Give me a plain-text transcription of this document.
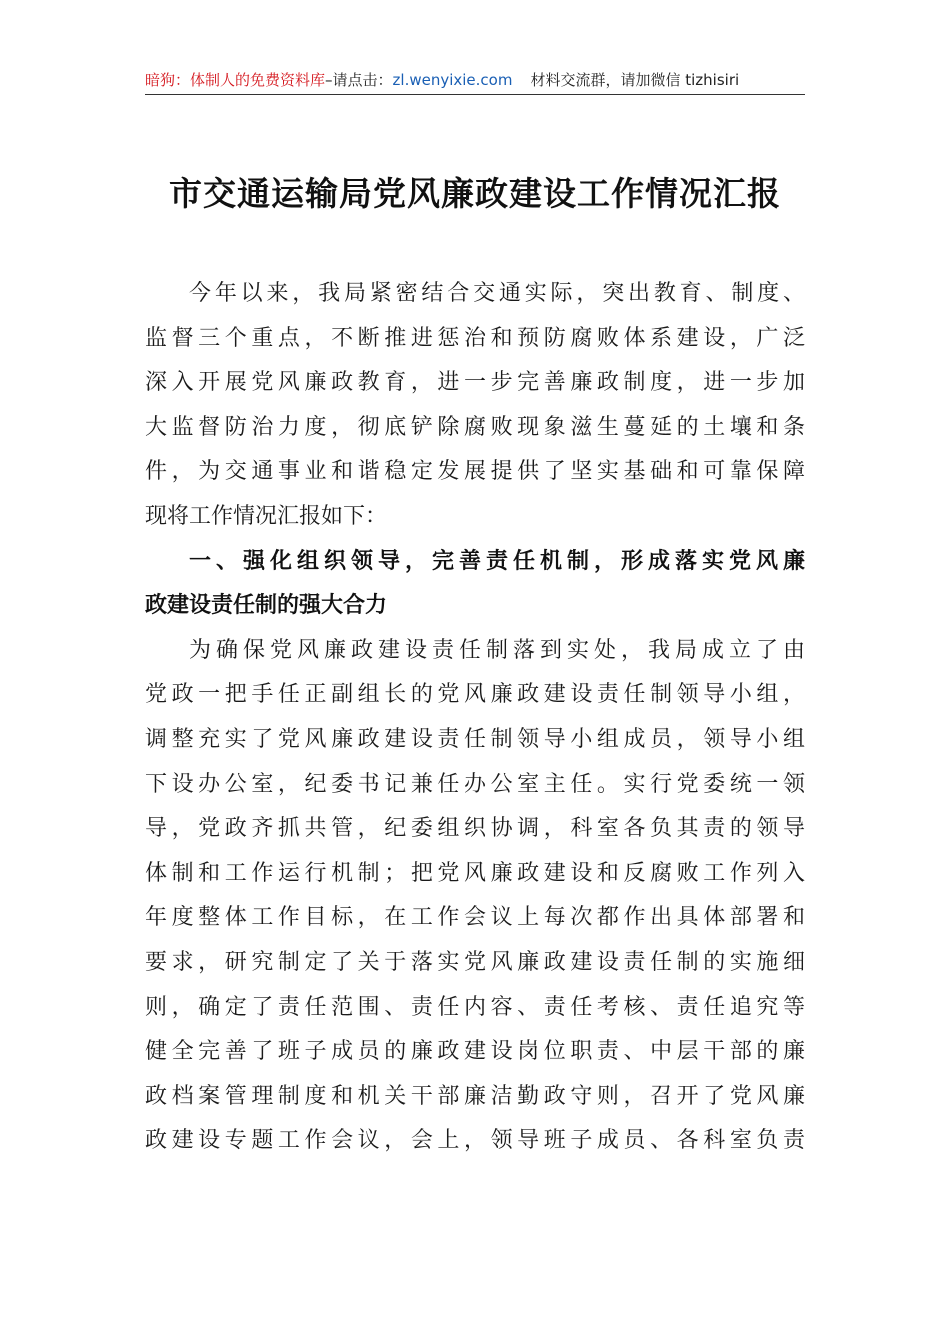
暗狗：体制人的免费资料库–请点击：zl.wenyixie.com 材料交流群，请加微信 tizhisiri
市交通运输局党风廉政建设工作情况汇报
今年以来，我局紧密结合交通实际，突出教育、制度、
监督三个重点，不断推进惩治和预防腐败体系建设，广泛
深入开展党风廉政教育，进一步完善廉政制度，进一步加
大监督防治力度，彻底铲除腐败现象滋生蔓延的土壤和条
件，为交通事业和谐稳定发展提供了坚实基础和可靠保障
现将工作情况汇报如下：
一、强化组织领导，完善责任机制，形成落实党风廉
政建设责任制的强大合力
为确保党风廉政建设责任制落到实处，我局成立了由
党政一把手任正副组长的党风廉政建设责任制领导小组，
调整充实了党风廉政建设责任制领导小组成员，领导小组
下设办公室，纪委书记兼任办公室主任。实行党委统一领
导，党政齐抓共管，纪委组织协调，科室各负其责的领导
体制和工作运行机制；把党风廉政建设和反腐败工作列入
年度整体工作目标，在工作会议上每次都作出具体部署和
要求，研究制定了关于落实党风廉政建设责任制的实施细
则，确定了责任范围、责任内容、责任考核、责任追究等
健全完善了班子成员的廉政建设岗位职责、中层干部的廉
政档案管理制度和机关干部廉洁勤政守则，召开了党风廉
政建设专题工作会议，会上，领导班子成员、各科室负责
